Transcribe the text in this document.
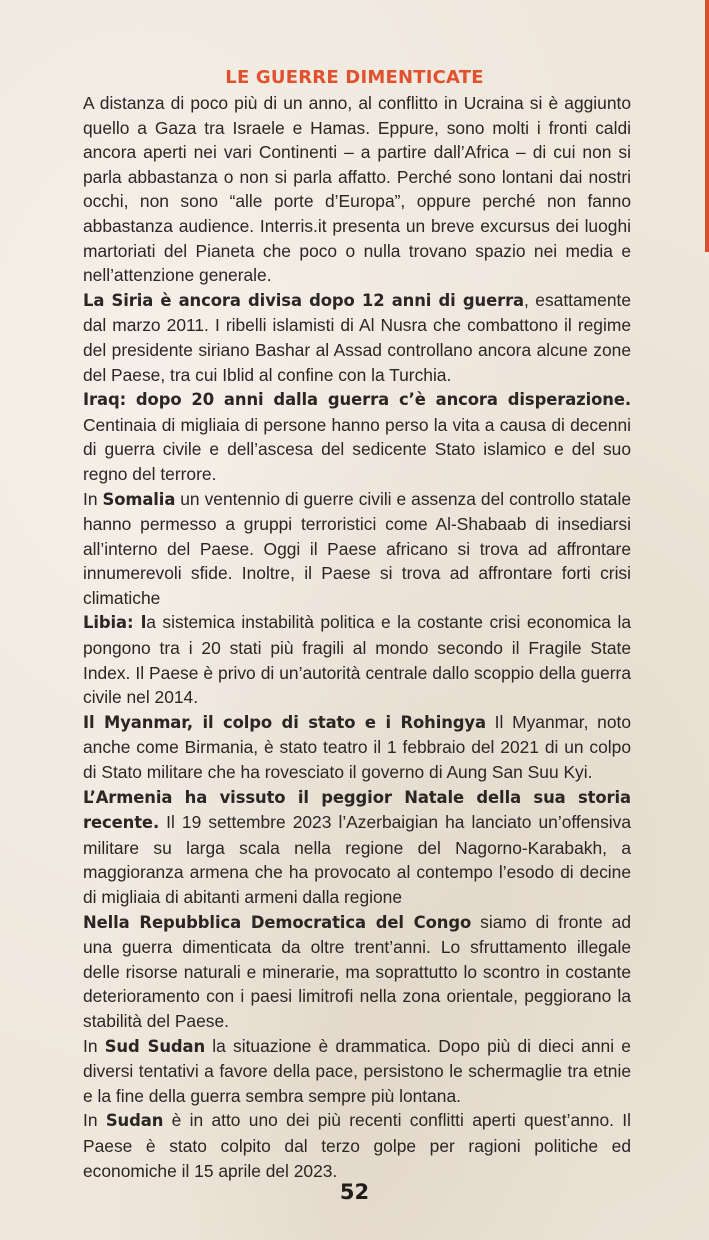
LE GUERRE DIMENTICATE

A distanza di poco più di un anno, al conflitto in Ucraina si è aggiunto quello a Gaza tra Israele e Hamas. Eppure, sono molti i fronti caldi ancora aperti nei vari Continenti – a partire dall’Africa – di cui non si parla abbastanza o non si parla affatto. Perché sono lontani dai nostri occhi, non sono “alle porte d’Europa”, oppure perché non fanno abbastanza audience. Interris.it presenta un breve excursus dei luoghi martoriati del Pianeta che poco o nulla trovano spazio nei media e nell’attenzione generale.

La Siria è ancora divisa dopo 12 anni di guerra, esattamente dal marzo 2011. I ribelli islamisti di Al Nusra che combattono il regime del presidente siriano Bashar al Assad controllano ancora alcune zone del Paese, tra cui Iblid al confine con la Turchia.

Iraq: dopo 20 anni dalla guerra c’è ancora disperazione. Centinaia di migliaia di persone hanno perso la vita a causa di decenni di guerra civile e dell’ascesa del sedicente Stato islamico e del suo regno del terrore.

In Somalia un ventennio di guerre civili e assenza del controllo statale hanno permesso a gruppi terroristici come Al-Shabaab di insediarsi all’interno del Paese. Oggi il Paese africano si trova ad affrontare innumerevoli sfide. Inoltre, il Paese si trova ad affrontare forti crisi climatiche

Libia: la sistemica instabilità politica e la costante crisi economica la pongono tra i 20 stati più fragili al mondo secondo il Fragile State Index. Il Paese è privo di un’autorità centrale dallo scoppio della guerra civile nel 2014.

Il Myanmar, il colpo di stato e i Rohingya Il Myanmar, noto anche come Birmania, è stato teatro il 1 febbraio del 2021 di un colpo di Stato militare che ha rovesciato il governo di Aung San Suu Kyi.

L’Armenia ha vissuto il peggior Natale della sua storia recente. Il 19 settembre 2023 l’Azerbaigian ha lanciato un’offensiva militare su larga scala nella regione del Nagorno-Karabakh, a maggioranza armena che ha provocato al contempo l’esodo di decine di migliaia di abitanti armeni dalla regione

Nella Repubblica Democratica del Congo siamo di fronte ad una guerra dimenticata da oltre trent’anni. Lo sfruttamento illegale delle risorse naturali e minerarie, ma soprattutto lo scontro in costante deterioramento con i paesi limitrofi nella zona orientale, peggiorano la stabilità del Paese.

In Sud Sudan la situazione è drammatica. Dopo più di dieci anni e diversi tentativi a favore della pace, persistono le schermaglie tra etnie e la fine della guerra sembra sempre più lontana.

In Sudan è in atto uno dei più recenti conflitti aperti quest’anno. Il Paese è stato colpito dal terzo golpe per ragioni politiche ed economiche il 15 aprile del 2023.

52
